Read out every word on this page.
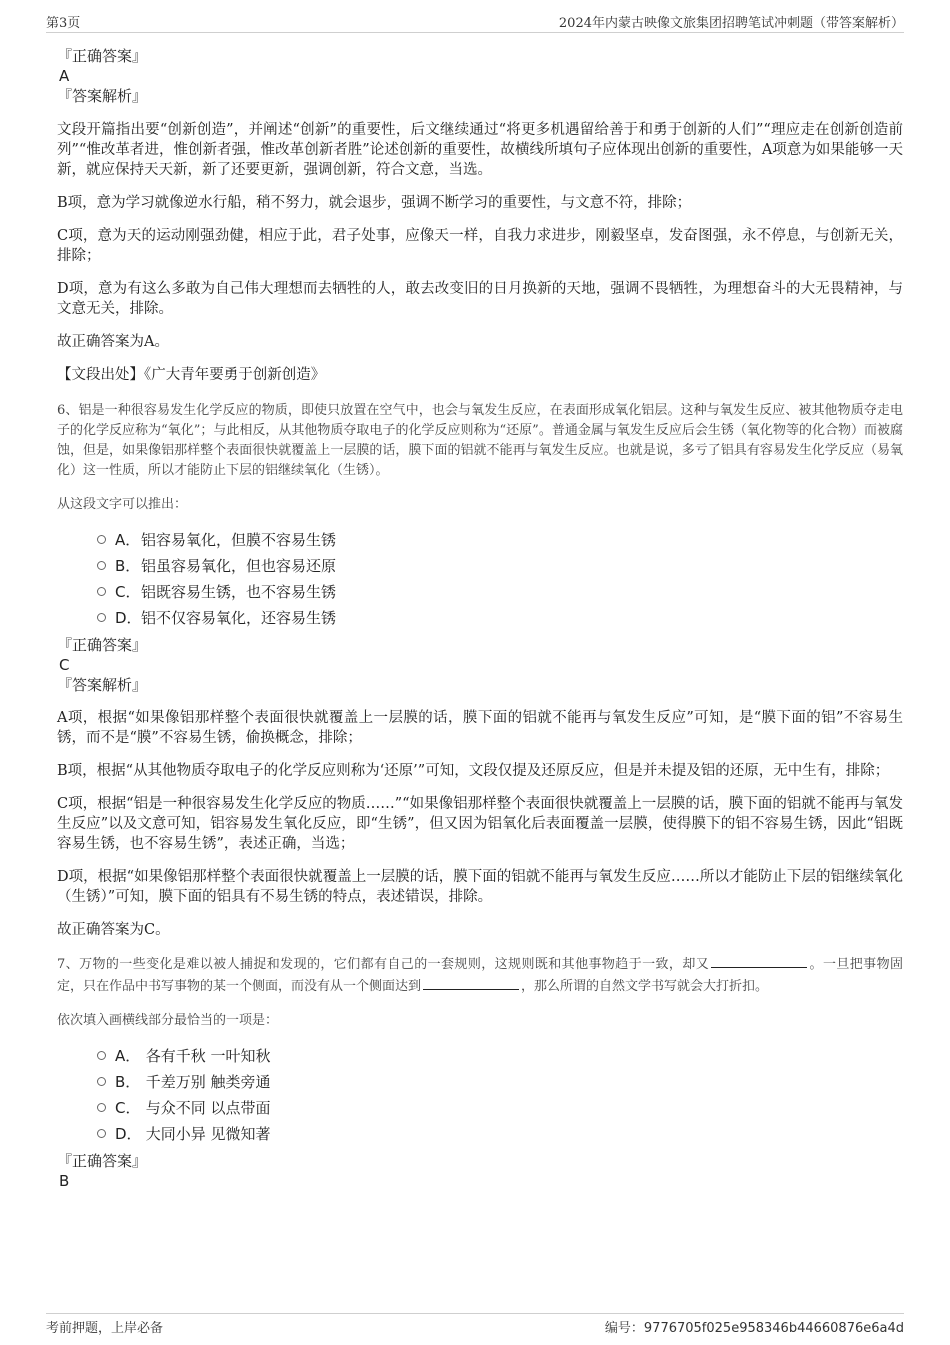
第3页	2024年内蒙古映像文旅集团招聘笔试冲刺题（带答案解析）
『正确答案』
A
『答案解析』

文段开篇指出要“创新创造”，并阐述“创新”的重要性，后文继续通过“将更多机遇留给善于和勇于创新的人们”“理应走在创新创造前列”“惟改革者进，惟创新者强，惟改革创新者胜”论述创新的重要性，故横线所填句子应体现出创新的重要性，A项意为如果能够一天新，就应保持天天新，新了还要更新，强调创新，符合文意，当选。

B项，意为学习就像逆水行船，稍不努力，就会退步，强调不断学习的重要性，与文意不符，排除；

C项，意为天的运动刚强劲健，相应于此，君子处事，应像天一样，自我力求进步，刚毅坚卓，发奋图强，永不停息，与创新无关，排除；

D项，意为有这么多敢为自己伟大理想而去牺牲的人，敢去改变旧的日月换新的天地，强调不畏牺牲，为理想奋斗的大无畏精神，与文意无关，排除。

故正确答案为A。

【文段出处】《广大青年要勇于创新创造》

6、铝是一种很容易发生化学反应的物质，即使只放置在空气中，也会与氧发生反应，在表面形成氧化铝层。这种与氧发生反应、被其他物质夺走电子的化学反应称为“氧化”；与此相反，从其他物质夺取电子的化学反应则称为“还原”。普通金属与氧发生反应后会生锈（氧化物等的化合物）而被腐蚀，但是，如果像铝那样整个表面很快就覆盖上一层膜的话，膜下面的铝就不能再与氧发生反应。也就是说，多亏了铝具有容易发生化学反应（易氧化）这一性质，所以才能防止下层的铝继续氧化（生锈）。

从这段文字可以推出：

A．铝容易氧化，但膜不容易生锈
B．铝虽容易氧化，但也容易还原
C．铝既容易生锈，也不容易生锈
D．铝不仅容易氧化，还容易生锈
『正确答案』
C
『答案解析』

A项，根据“如果像铝那样整个表面很快就覆盖上一层膜的话，膜下面的铝就不能再与氧发生反应”可知，是“膜下面的铝”不容易生锈，而不是“膜”不容易生锈，偷换概念，排除；

B项，根据“从其他物质夺取电子的化学反应则称为‘还原’”可知，文段仅提及还原反应，但是并未提及铝的还原，无中生有，排除；

C项，根据“铝是一种很容易发生化学反应的物质……”“如果像铝那样整个表面很快就覆盖上一层膜的话，膜下面的铝就不能再与氧发生反应”以及文意可知，铝容易发生氧化反应，即“生锈”，但又因为铝氧化后表面覆盖一层膜，使得膜下的铝不容易生锈，因此“铝既容易生锈，也不容易生锈”，表述正确，当选；

D项，根据“如果像铝那样整个表面很快就覆盖上一层膜的话，膜下面的铝就不能再与氧发生反应……所以才能防止下层的铝继续氧化（生锈）”可知，膜下面的铝具有不易生锈的特点，表述错误，排除。

故正确答案为C。

7、万物的一些变化是难以被人捕捉和发现的，它们都有自己的一套规则，这规则既和其他事物趋于一致，却又	。一旦把事物固定，只在作品中书写事物的某一个侧面，而没有从一个侧面达到	，那么所谓的自然文学书写就会大打折扣。

依次填入画横线部分最恰当的一项是：

A． 各有千秋 一叶知秋
B． 千差万别 触类旁通
C． 与众不同 以点带面
D． 大同小异 见微知著
『正确答案』
B
考前押题，上岸必备	编号：9776705f025e958346b44660876e6a4d
